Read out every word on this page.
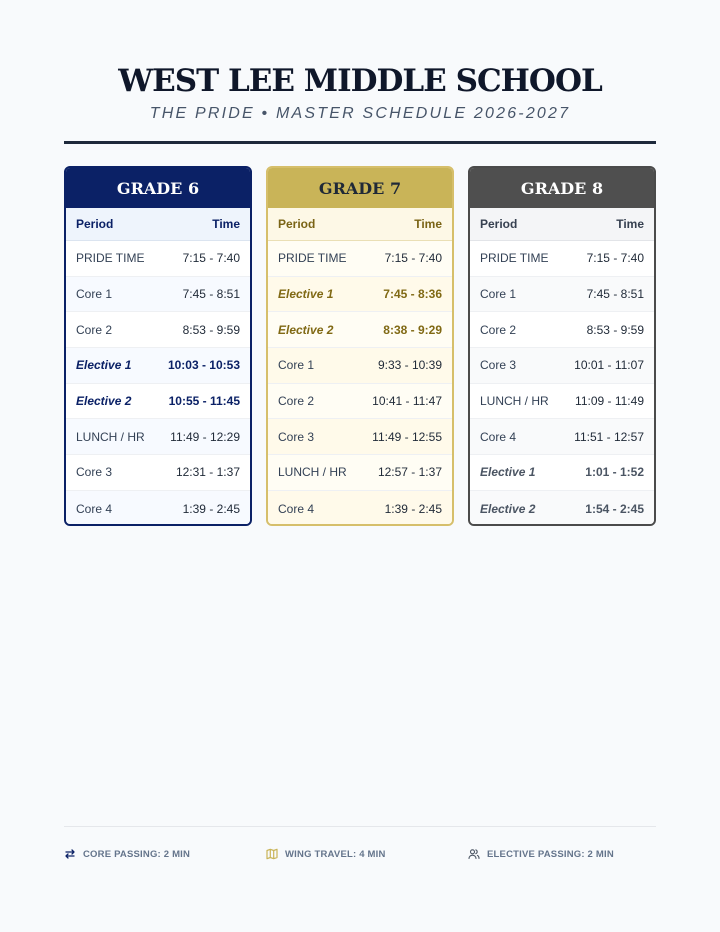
WEST LEE MIDDLE SCHOOL
THE PRIDE • MASTER SCHEDULE 2026-2027
GRADE 6
Period	Time
PRIDE TIME	7:15 - 7:40
Core 1	7:45 - 8:51
Core 2	8:53 - 9:59
Elective 1	10:03 - 10:53
Elective 2	10:55 - 11:45
LUNCH / HR 11:49 - 12:29
Core 3	12:31 - 1:37
Core 4	1:39 - 2:45
GRADE 7
Period	Time
PRIDE TIME	7:15 - 7:40
Elective 1	7:45 - 8:36
Elective 2	8:38 - 9:29
Core 1	9:33 - 10:39
Core 2	10:41 - 11:47
Core 3	11:49 - 12:55
LUNCH / HR	12:57 - 1:37
Core 4	1:39 - 2:45
GRADE 8
Period	Time
PRIDE TIME	7:15 - 7:40
Core 1	7:45 - 8:51
Core 2	8:53 - 9:59
Core 3	10:01 - 11:07
LUNCH / HR 11:09 - 11:49
Core 4	11:51 - 12:57
Elective 1	1:01 - 1:52
Elective 2	1:54 - 2:45
CORE PASSING: 2 MIN	WING TRAVEL: 4 MIN	ELECTIVE PASSING: 2 MIN
